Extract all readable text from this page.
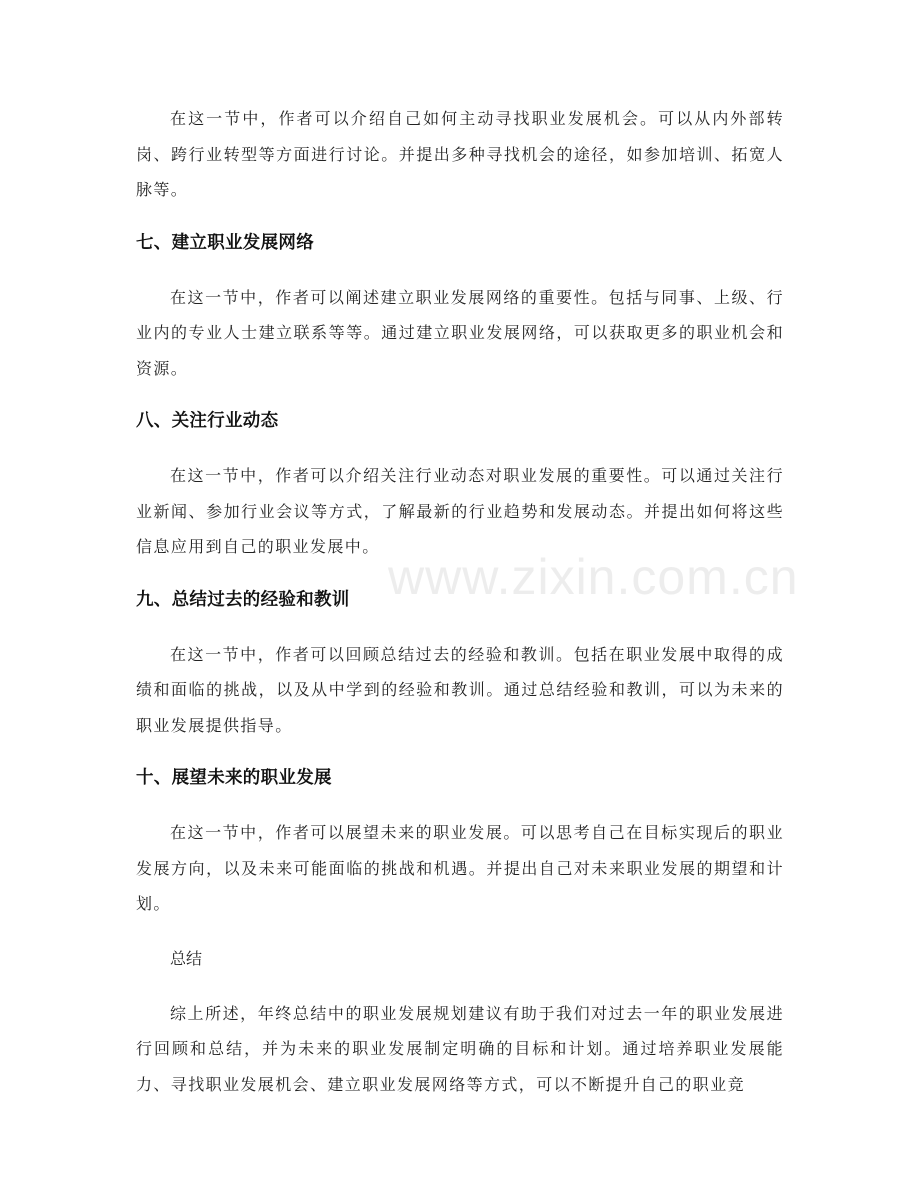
在这一节中，作者可以介绍自己如何主动寻找职业发展机会。可以从内外部转岗、跨行业转型等方面进行讨论。并提出多种寻找机会的途径，如参加培训、拓宽人脉等。

七、建立职业发展网络

在这一节中，作者可以阐述建立职业发展网络的重要性。包括与同事、上级、行业内的专业人士建立联系等等。通过建立职业发展网络，可以获取更多的职业机会和资源。

八、关注行业动态

在这一节中，作者可以介绍关注行业动态对职业发展的重要性。可以通过关注行业新闻、参加行业会议等方式，了解最新的行业趋势和发展动态。并提出如何将这些信息应用到自己的职业发展中。

九、总结过去的经验和教训

在这一节中，作者可以回顾总结过去的经验和教训。包括在职业发展中取得的成绩和面临的挑战，以及从中学到的经验和教训。通过总结经验和教训，可以为未来的职业发展提供指导。

十、展望未来的职业发展

在这一节中，作者可以展望未来的职业发展。可以思考自己在目标实现后的职业发展方向，以及未来可能面临的挑战和机遇。并提出自己对未来职业发展的期望和计划。

总结

综上所述，年终总结中的职业发展规划建议有助于我们对过去一年的职业发展进行回顾和总结，并为未来的职业发展制定明确的目标和计划。通过培养职业发展能力、寻找职业发展机会、建立职业发展网络等方式，可以不断提升自己的职业竞

www.zixin.com.cn
